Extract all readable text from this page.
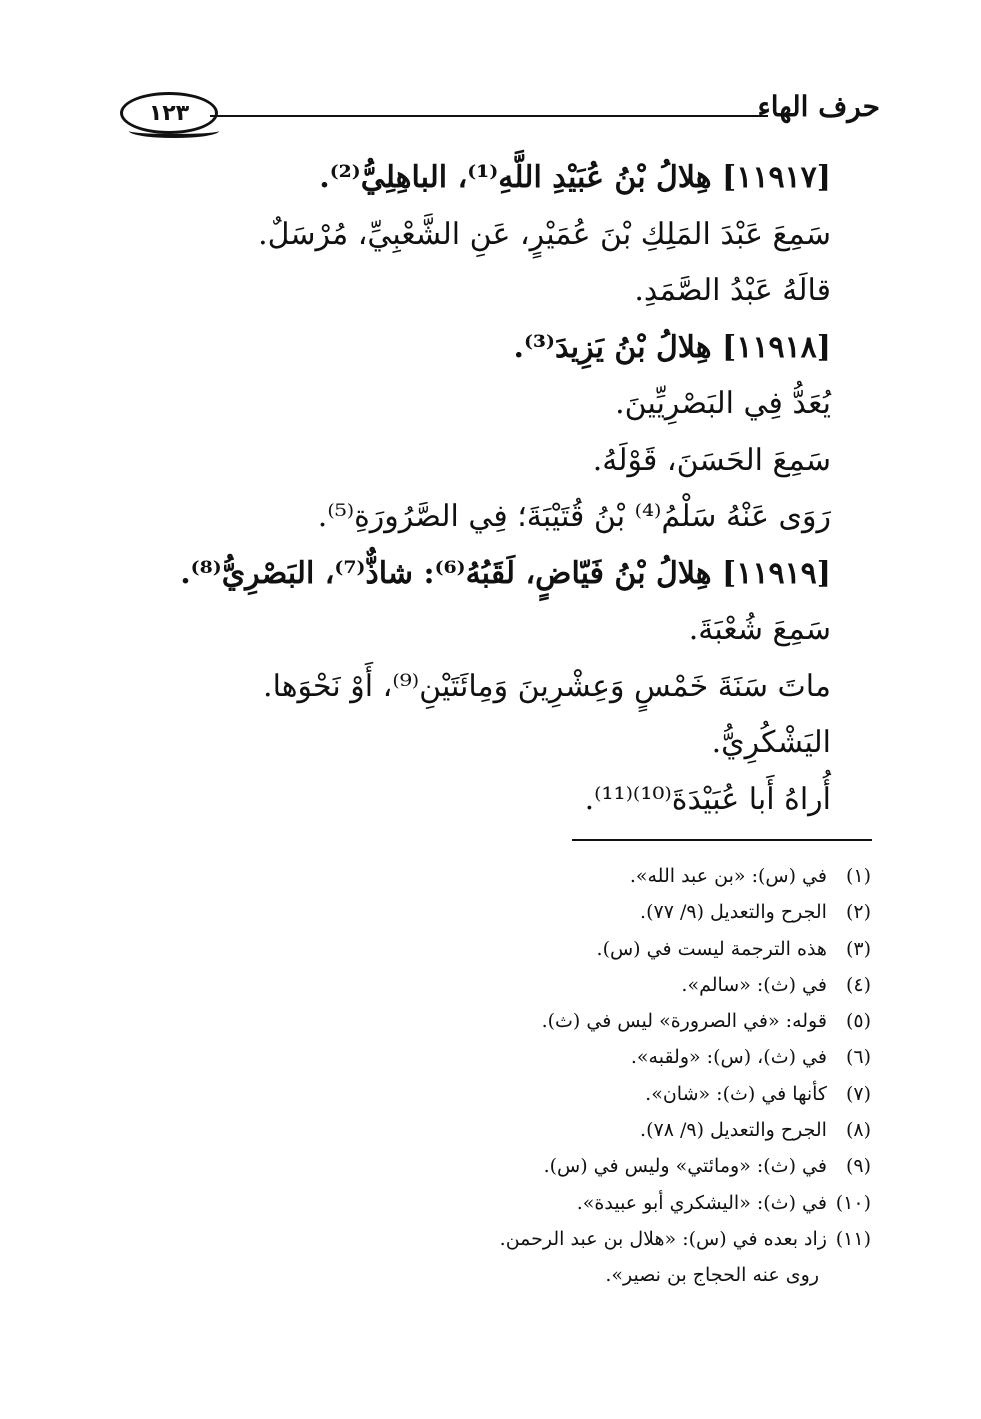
١٢٣	حرف الهاء
[١١٩١٧] هِلالُ بْنُ عُبَيْدِ اللَّهِ⁽¹⁾، الباهِلِيُّ⁽²⁾.
سَمِعَ عَبْدَ المَلِكِ بْنَ عُمَيْرٍ، عَنِ الشَّعْبِيِّ، مُرْسَلٌ.
قالَهُ عَبْدُ الصَّمَدِ.
[١١٩١٨] هِلالُ بْنُ يَزِيدَ⁽³⁾.
يُعَدُّ فِي البَصْرِيِّينَ.
سَمِعَ الحَسَنَ، قَوْلَهُ.
رَوَى عَنْهُ سَلْمُ⁽⁴⁾ بْنُ قُتَيْبَةَ؛ فِي الصَّرُورَةِ⁽⁵⁾.
[١١٩١٩] هِلالُ بْنُ فَيّاضٍ، لَقَبُهُ⁽⁶⁾: شاذٌّ⁽⁷⁾، البَصْرِيُّ⁽⁸⁾.
سَمِعَ شُعْبَةَ.
ماتَ سَنَةَ خَمْسٍ وَعِشْرِينَ وَمِائَتَيْنِ⁽⁹⁾، أَوْ نَحْوَها.
اليَشْكُرِيُّ.
أُراهُ أَبا عُبَيْدَةَ⁽¹⁰⁾⁽¹¹⁾.
(١) في (س): «بن عبد الله».
(٢) الجرح والتعديل (٩/ ٧٧).
(٣) هذه الترجمة ليست في (س).
(٤) في (ث): «سالم».
(٥) قوله: «في الصرورة» ليس في (ث).
(٦) في (ث)، (س): «ولقبه».
(٧) كأنها في (ث): «شان».
(٨) الجرح والتعديل (٩/ ٧٨).
(٩) في (ث): «ومائتي» وليس في (س).
(١٠) في (ث): «اليشكري أبو عبيدة».
(١١) زاد بعده في (س): «هلال بن عبد الرحمن.
روى عنه الحجاج بن نصير».
